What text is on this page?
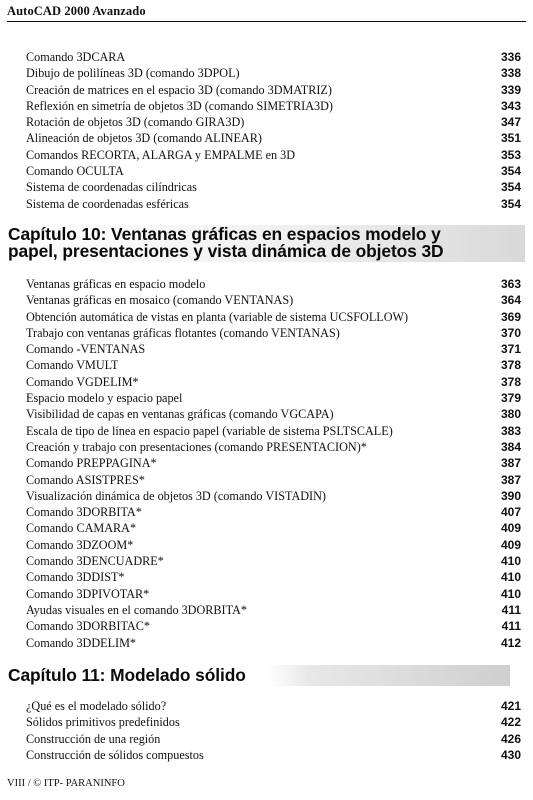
AutoCAD 2000 Avanzado
Comando 3DCARA	336
Dibujo de polilíneas 3D (comando 3DPOL)	338
Creación de matrices en el espacio 3D (comando 3DMATRIZ)	339
Reflexión en simetría de objetos 3D (comando SIMETRIA3D)	343
Rotación de objetos 3D (comando GIRA3D)	347
Alineación de objetos 3D (comando ALINEAR)	351
Comandos RECORTA, ALARGA y EMPALME en 3D	353
Comando OCULTA	354
Sistema de coordenadas cilíndricas	354
Sistema de coordenadas esféricas	354
Capítulo 10: Ventanas gráficas en espacios modelo y
papel, presentaciones y vista dinámica de objetos 3D
Ventanas gráficas en espacio modelo	363
Ventanas gráficas en mosaico (comando VENTANAS)	364
Obtención automática de vistas en planta (variable de sistema UCSFOLLOW)	369
Trabajo con ventanas gráficas flotantes (comando VENTANAS)	370
Comando -VENTANAS	371
Comando VMULT	378
Comando VGDELIM*	378
Espacio modelo y espacio papel	379
Visibilidad de capas en ventanas gráficas (comando VGCAPA)	380
Escala de tipo de línea en espacio papel (variable de sistema PSLTSCALE)	383
Creación y trabajo con presentaciones (comando PRESENTACION)*	384
Comando PREPPAGINA*	387
Comando ASISTPRES*	387
Visualización dinámica de objetos 3D (comando VISTADIN)	390
Comando 3DORBITA*	407
Comando CAMARA*	409
Comando 3DZOOM*	409
Comando 3DENCUADRE*	410
Comando 3DDIST*	410
Comando 3DPIVOTAR*	410
Ayudas visuales en el comando 3DORBITA*	411
Comando 3DORBITAC*	411
Comando 3DDELIM*	412
Capítulo 11: Modelado sólido
¿Qué es el modelado sólido?	421
Sólidos primitivos predefinidos	422
Construcción de una región	426
Construcción de sólidos compuestos	430
VIII / © ITP- PARANINFO
